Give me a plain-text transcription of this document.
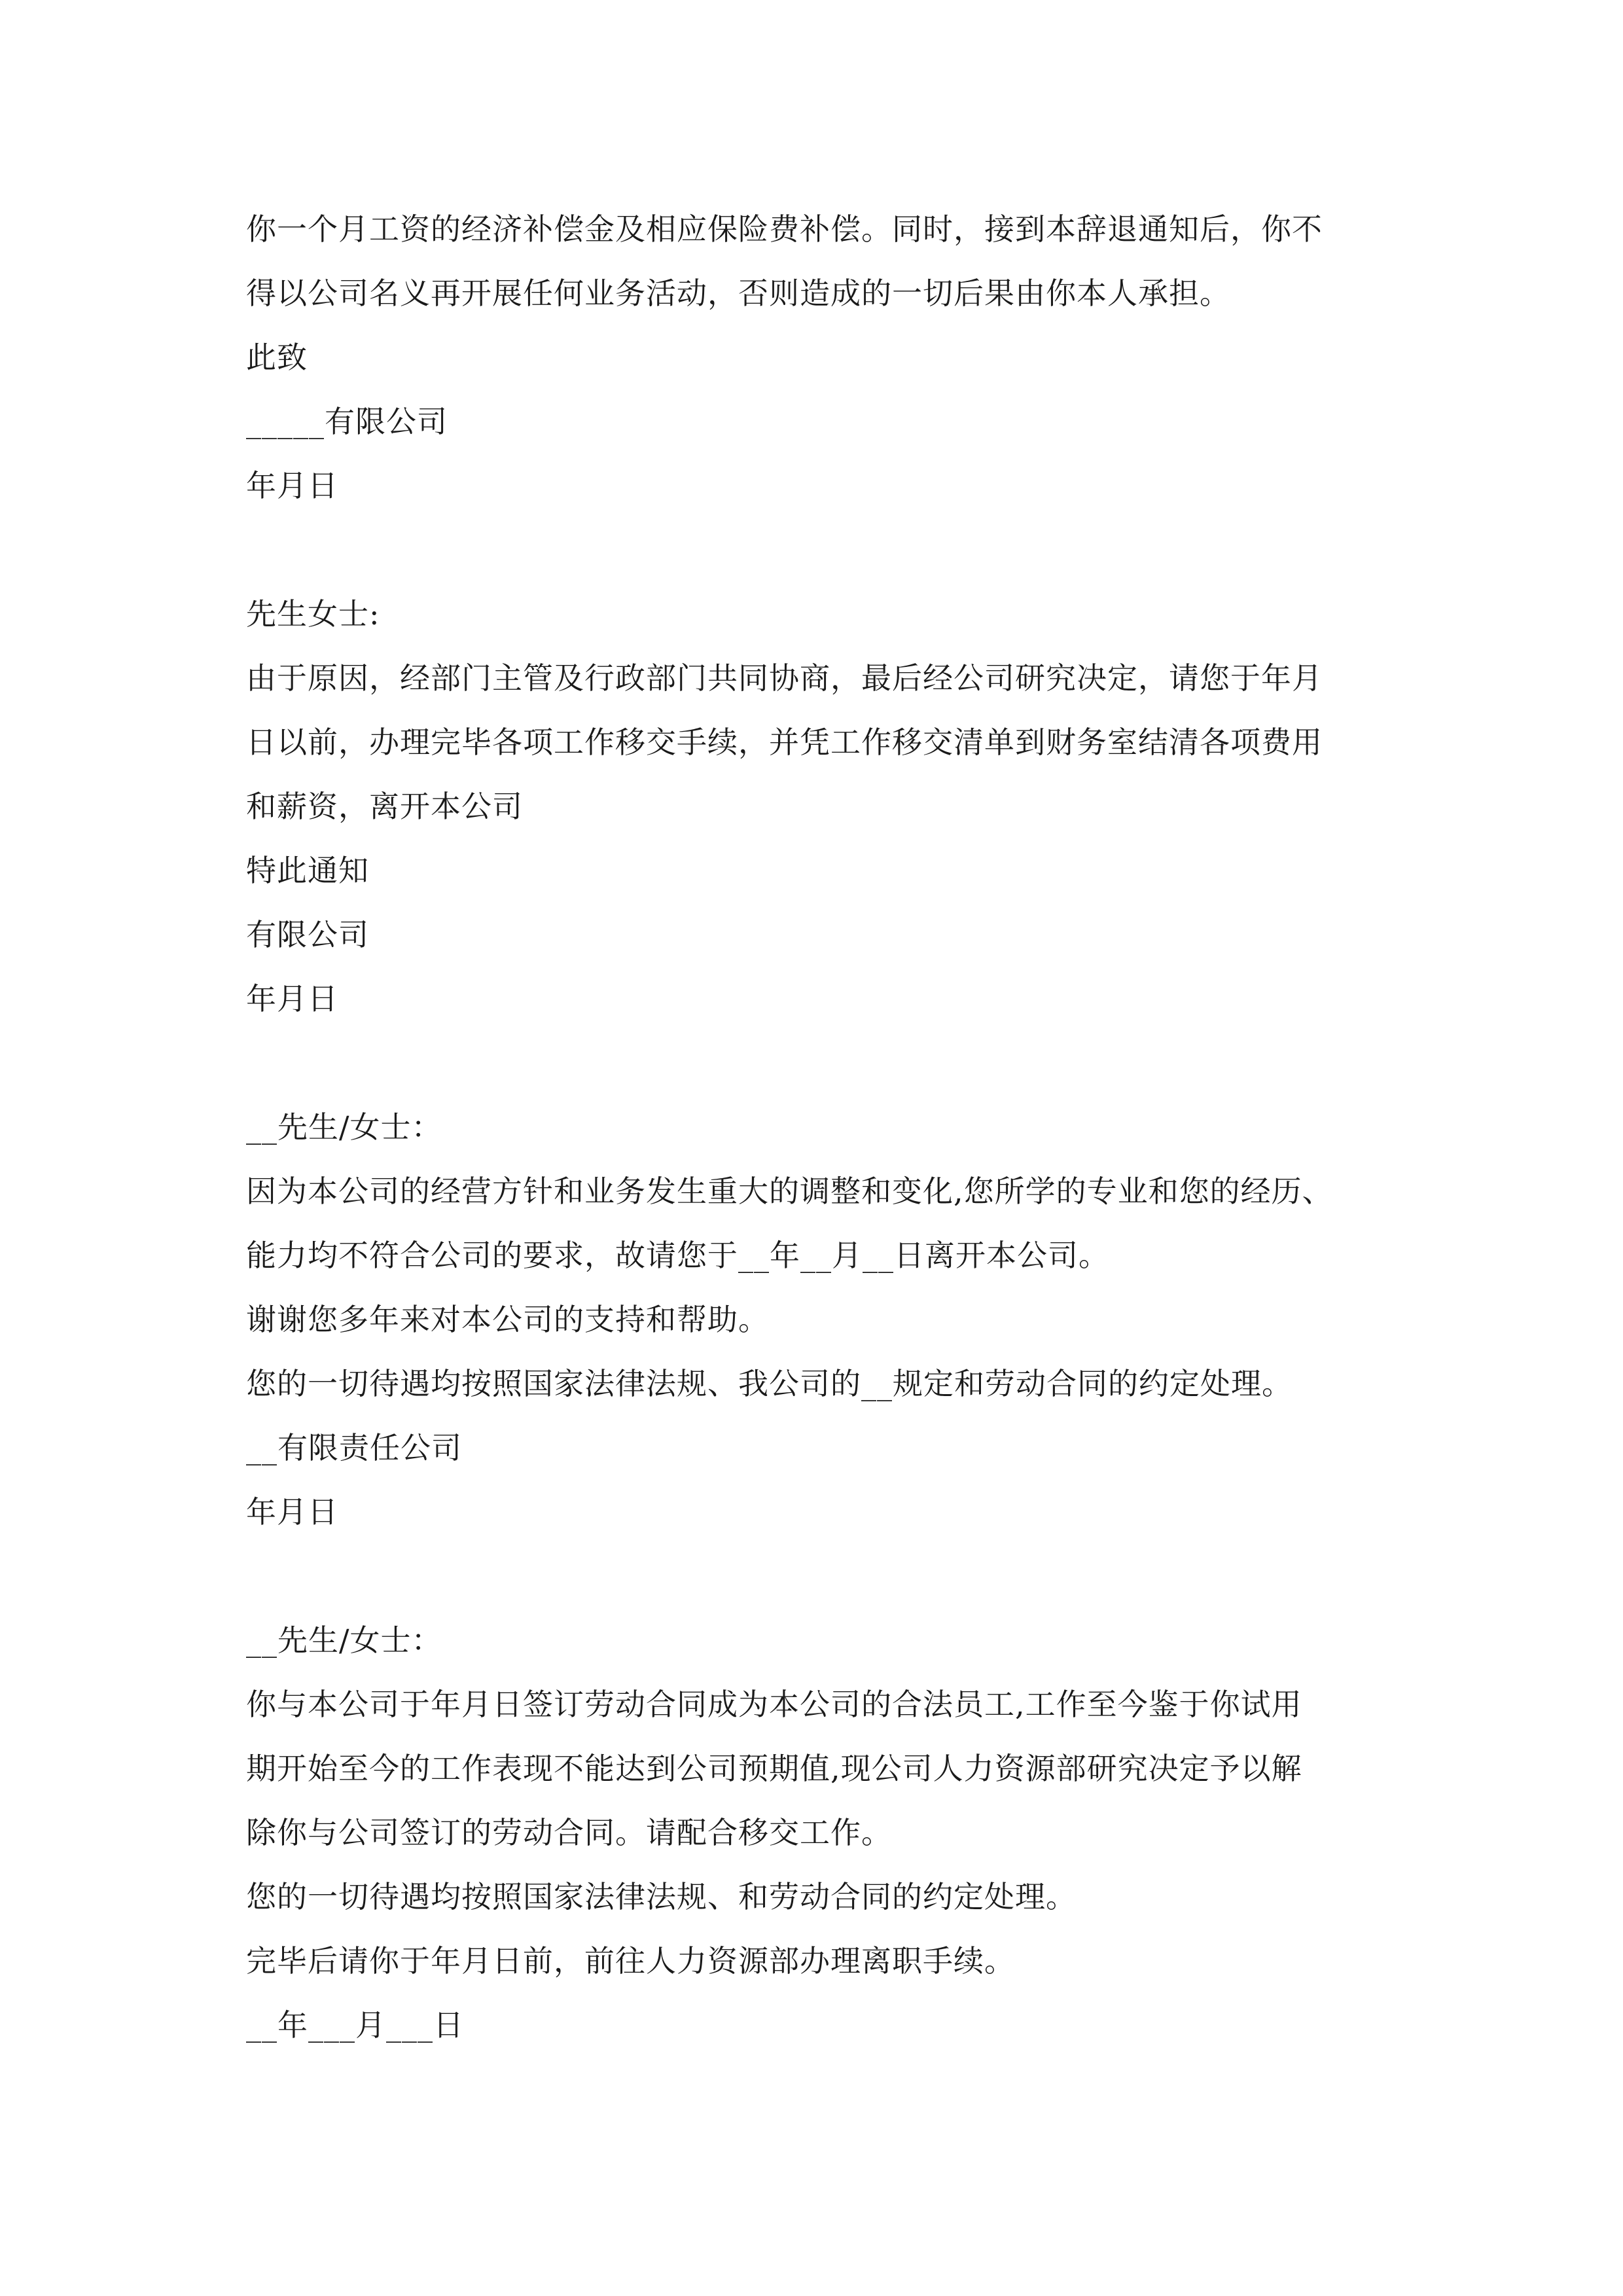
你一个月工资的经济补偿金及相应保险费补偿。同时，接到本辞退通知后，你不
得以公司名义再开展任何业务活动，否则造成的一切后果由你本人承担。
此致
_____有限公司
年月日
先生女士:
由于原因，经部门主管及行政部门共同协商，最后经公司研究决定，请您于年月
日以前，办理完毕各项工作移交手续，并凭工作移交清单到财务室结清各项费用
和薪资，离开本公司
特此通知
有限公司
年月日
__先生/女士：
因为本公司的经营方针和业务发生重大的调整和变化,您所学的专业和您的经历、
能力均不符合公司的要求，故请您于__年__月__日离开本公司。
谢谢您多年来对本公司的支持和帮助。
您的一切待遇均按照国家法律法规、我公司的__规定和劳动合同的约定处理。
__有限责任公司
年月日
__先生/女士：
你与本公司于年月日签订劳动合同成为本公司的合法员工,工作至今鉴于你试用
期开始至今的工作表现不能达到公司预期值,现公司人力资源部研究决定予以解
除你与公司签订的劳动合同。请配合移交工作。
您的一切待遇均按照国家法律法规、和劳动合同的约定处理。
完毕后请你于年月日前，前往人力资源部办理离职手续。
__年___月___日
